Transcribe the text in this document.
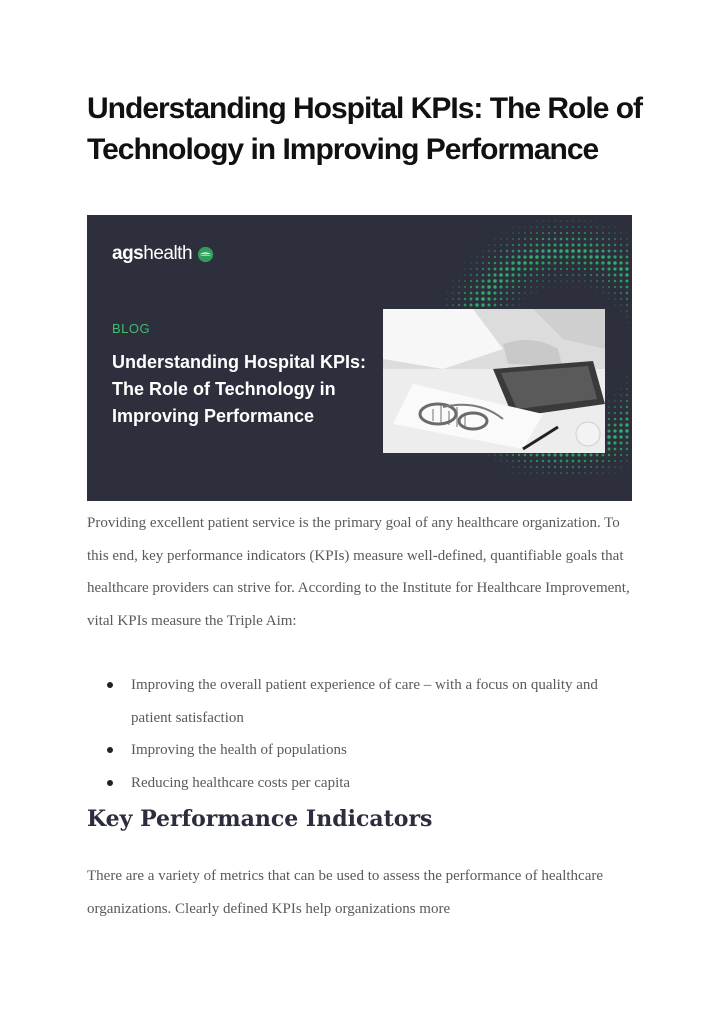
Understanding Hospital KPIs: The Role of Technology in Improving Performance
ags health
BLOG
Understanding Hospital KPIs: The Role of Technology in Improving Performance

Providing excellent patient service is the primary goal of any healthcare organization. To this end, key performance indicators (KPIs) measure well-defined, quantifiable goals that healthcare providers can strive for. According to the Institute for Healthcare Improvement, vital KPIs measure the Triple Aim:

Improving the overall patient experience of care – with a focus on quality and patient satisfaction
Improving the health of populations
Reducing healthcare costs per capita
Key Performance Indicators

There are a variety of metrics that can be used to assess the performance of healthcare organizations. Clearly defined KPIs help organizations more
